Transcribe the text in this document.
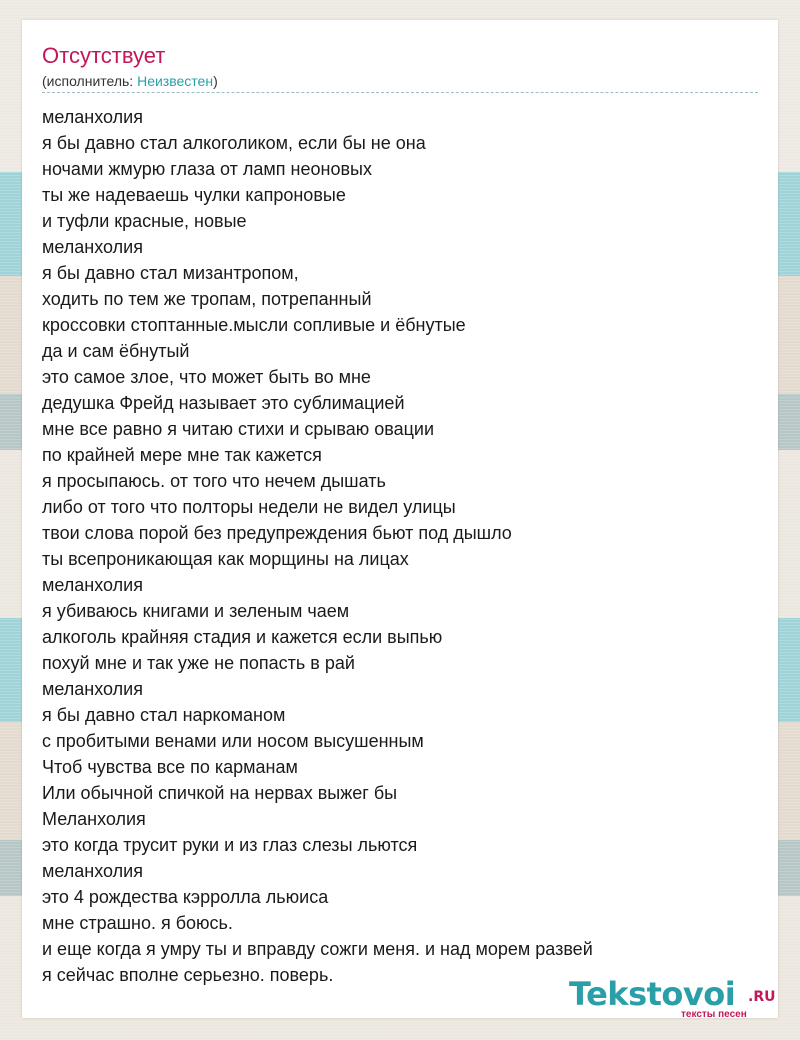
Отсутствует
(исполнитель: Неизвестен)
меланхолия
я бы давно стал алкоголиком, если бы не она
ночами жмурю глаза от ламп неоновых
ты же надеваешь чулки капроновые
и туфли красные, новые
меланхолия
я бы давно стал мизантропом,
ходить по тем же тропам, потрепанный
кроссовки стоптанные.мысли сопливые и ёбнутые
да и сам ёбнутый
это самое злое, что может быть во мне
дедушка Фрейд называет это сублимацией
мне все равно я читаю стихи и срываю овации
по крайней мере мне так кажется
я просыпаюсь. от того что нечем дышать
либо от того что полторы недели не видел улицы
твои слова порой без предупреждения бьют под дышло
ты всепроникающая как морщины на лицах
меланхолия
я убиваюсь книгами и зеленым чаем
алкоголь крайняя стадия и кажется если выпью
похуй мне и так уже не попасть в рай
меланхолия
я бы давно стал наркоманом
с пробитыми венами или носом высушенным
Чтоб чувства все по карманам
Или обычной спичкой на нервах выжег бы
Меланхолия
это когда трусит руки и из глаз слезы льются
меланхолия
это 4 рождества кэрролла льюиса
мне страшно. я боюсь.
и еще когда я умру ты и вправду сожги меня. и над морем развей
я сейчас вполне серьезно. поверь.	Tekstovoi .RU
тексты песен
